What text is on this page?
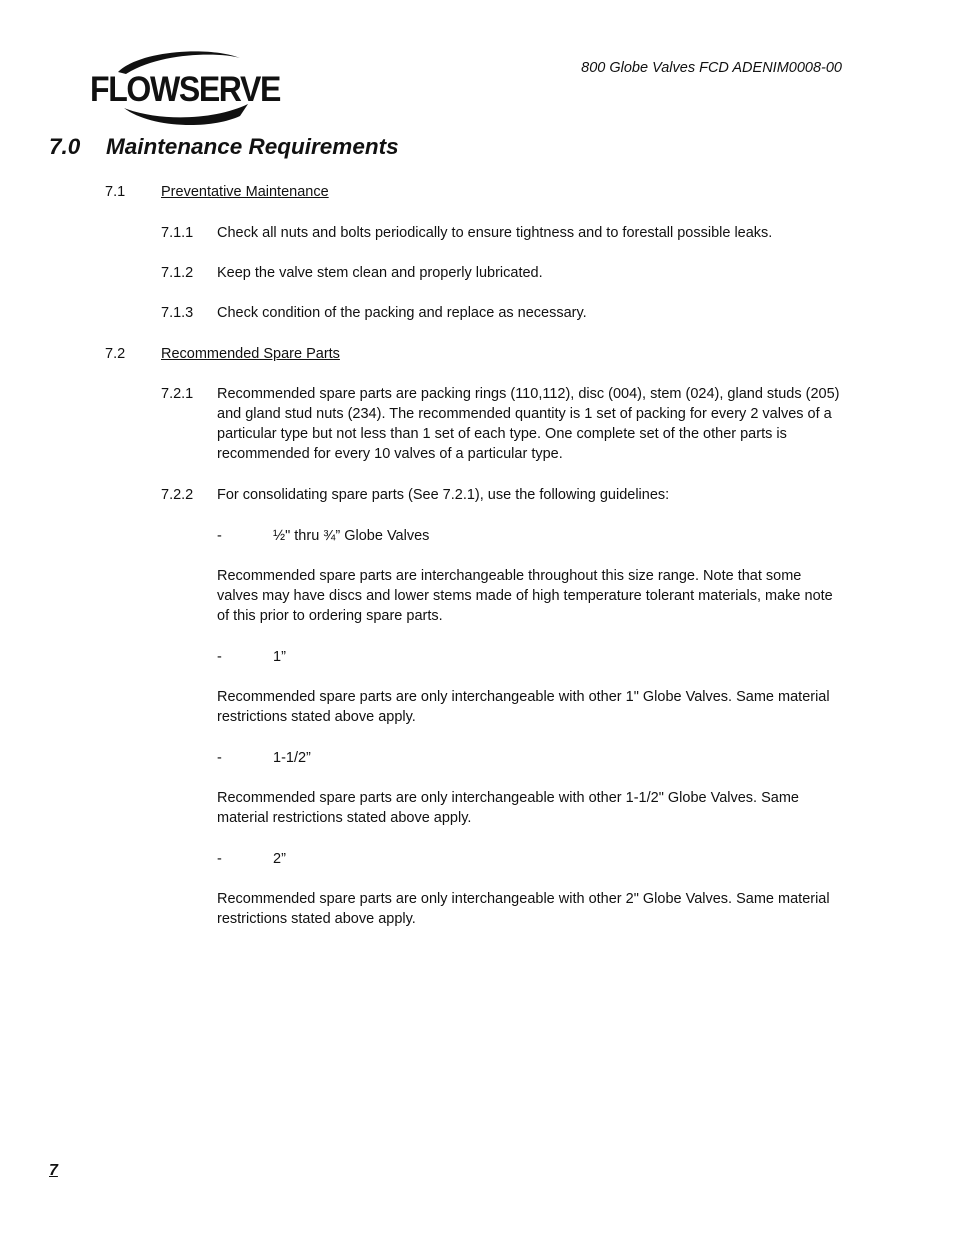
FLOWSERVE
800 Globe Valves FCD ADENIM0008-00
7.0 Maintenance Requirements
7.1 Preventative Maintenance
7.1.1 Check all nuts and bolts periodically to ensure tightness and to forestall possible leaks.
7.1.2 Keep the valve stem clean and properly lubricated.
7.1.3 Check condition of the packing and replace as necessary.
7.2 Recommended Spare Parts
7.2.1 Recommended spare parts are packing rings (110,112), disc (004), stem (024), gland studs (205) and gland stud nuts (234). The recommended quantity is 1 set of packing for every 2 valves of a particular type but not less than 1 set of each type. One complete set of the other parts is recommended for every 10 valves of a particular type.
7.2.2 For consolidating spare parts (See 7.2.1), use the following guidelines:
-	½" thru ¾” Globe Valves
Recommended spare parts are interchangeable throughout this size range. Note that some valves may have discs and lower stems made of high temperature tolerant materials, make note of this prior to ordering spare parts.
-	1”
Recommended spare parts are only interchangeable with other 1" Globe Valves. Same material restrictions stated above apply.
-	1-1/2”
Recommended spare parts are only interchangeable with other 1-1/2" Globe Valves. Same material restrictions stated above apply.
-	2”
Recommended spare parts are only interchangeable with other 2" Globe Valves. Same material restrictions stated above apply.
7
